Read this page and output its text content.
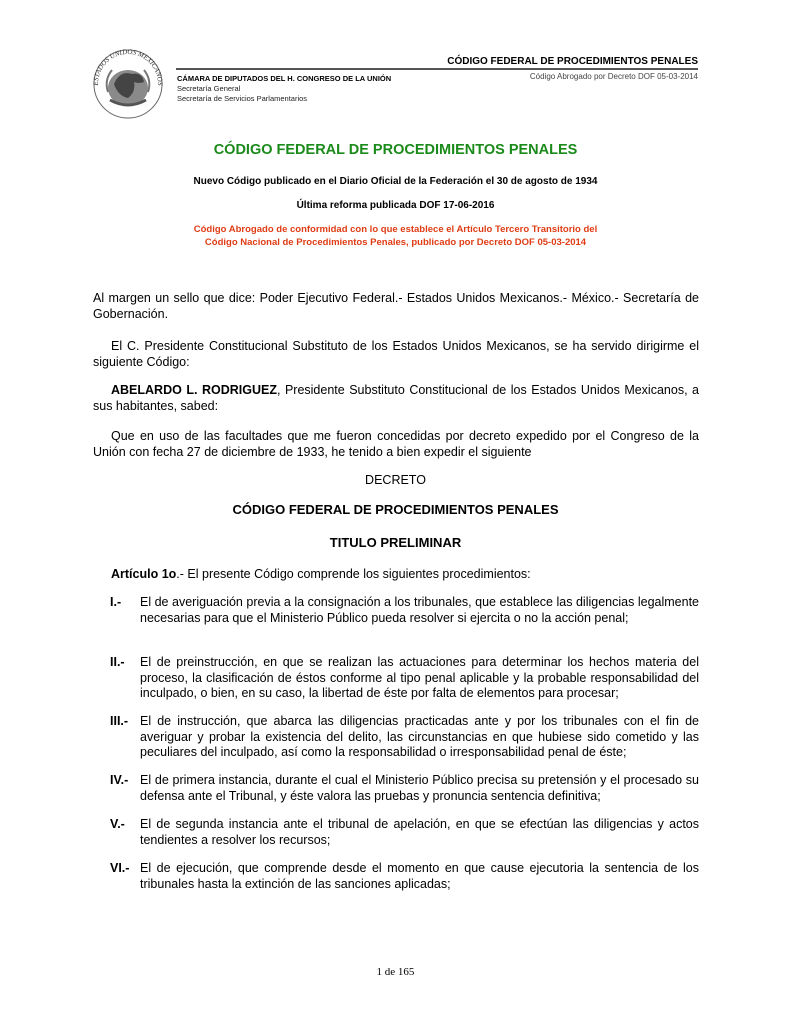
ESTADOS UNIDOS MEXICANOS
CÓDIGO FEDERAL DE PROCEDIMIENTOS PENALES
CÁMARA DE DIPUTADOS DEL H. CONGRESO DE LA UNIÓN
Secretaría General
Secretaría de Servicios Parlamentarios
Código Abrogado por Decreto DOF 05-03-2014
CÓDIGO FEDERAL DE PROCEDIMIENTOS PENALES
Nuevo Código publicado en el Diario Oficial de la Federación el 30 de agosto de 1934
Última reforma publicada DOF 17-06-2016
Código Abrogado de conformidad con lo que establece el Artículo Tercero Transitorio del
Código Nacional de Procedimientos Penales, publicado por Decreto DOF 05-03-2014
Al margen un sello que dice: Poder Ejecutivo Federal.- Estados Unidos Mexicanos.- México.- Secretaría de Gobernación.
El C. Presidente Constitucional Substituto de los Estados Unidos Mexicanos, se ha servido dirigirme el siguiente Código:
ABELARDO L. RODRIGUEZ, Presidente Substituto Constitucional de los Estados Unidos Mexicanos, a sus habitantes, sabed:
Que en uso de las facultades que me fueron concedidas por decreto expedido por el Congreso de la Unión con fecha 27 de diciembre de 1933, he tenido a bien expedir el siguiente
DECRETO
CÓDIGO FEDERAL DE PROCEDIMIENTOS PENALES
TITULO PRELIMINAR
Artículo 1o.- El presente Código comprende los siguientes procedimientos:
I.- El de averiguación previa a la consignación a los tribunales, que establece las diligencias legalmente necesarias para que el Ministerio Público pueda resolver si ejercita o no la acción penal;
II.- El de preinstrucción, en que se realizan las actuaciones para determinar los hechos materia del proceso, la clasificación de éstos conforme al tipo penal aplicable y la probable responsabilidad del inculpado, o bien, en su caso, la libertad de éste por falta de elementos para procesar;
III.- El de instrucción, que abarca las diligencias practicadas ante y por los tribunales con el fin de averiguar y probar la existencia del delito, las circunstancias en que hubiese sido cometido y las peculiares del inculpado, así como la responsabilidad o irresponsabilidad penal de éste;
IV.- El de primera instancia, durante el cual el Ministerio Público precisa su pretensión y el procesado su defensa ante el Tribunal, y éste valora las pruebas y pronuncia sentencia definitiva;
V.- El de segunda instancia ante el tribunal de apelación, en que se efectúan las diligencias y actos tendientes a resolver los recursos;
VI.- El de ejecución, que comprende desde el momento en que cause ejecutoria la sentencia de los tribunales hasta la extinción de las sanciones aplicadas;
1 de 165
